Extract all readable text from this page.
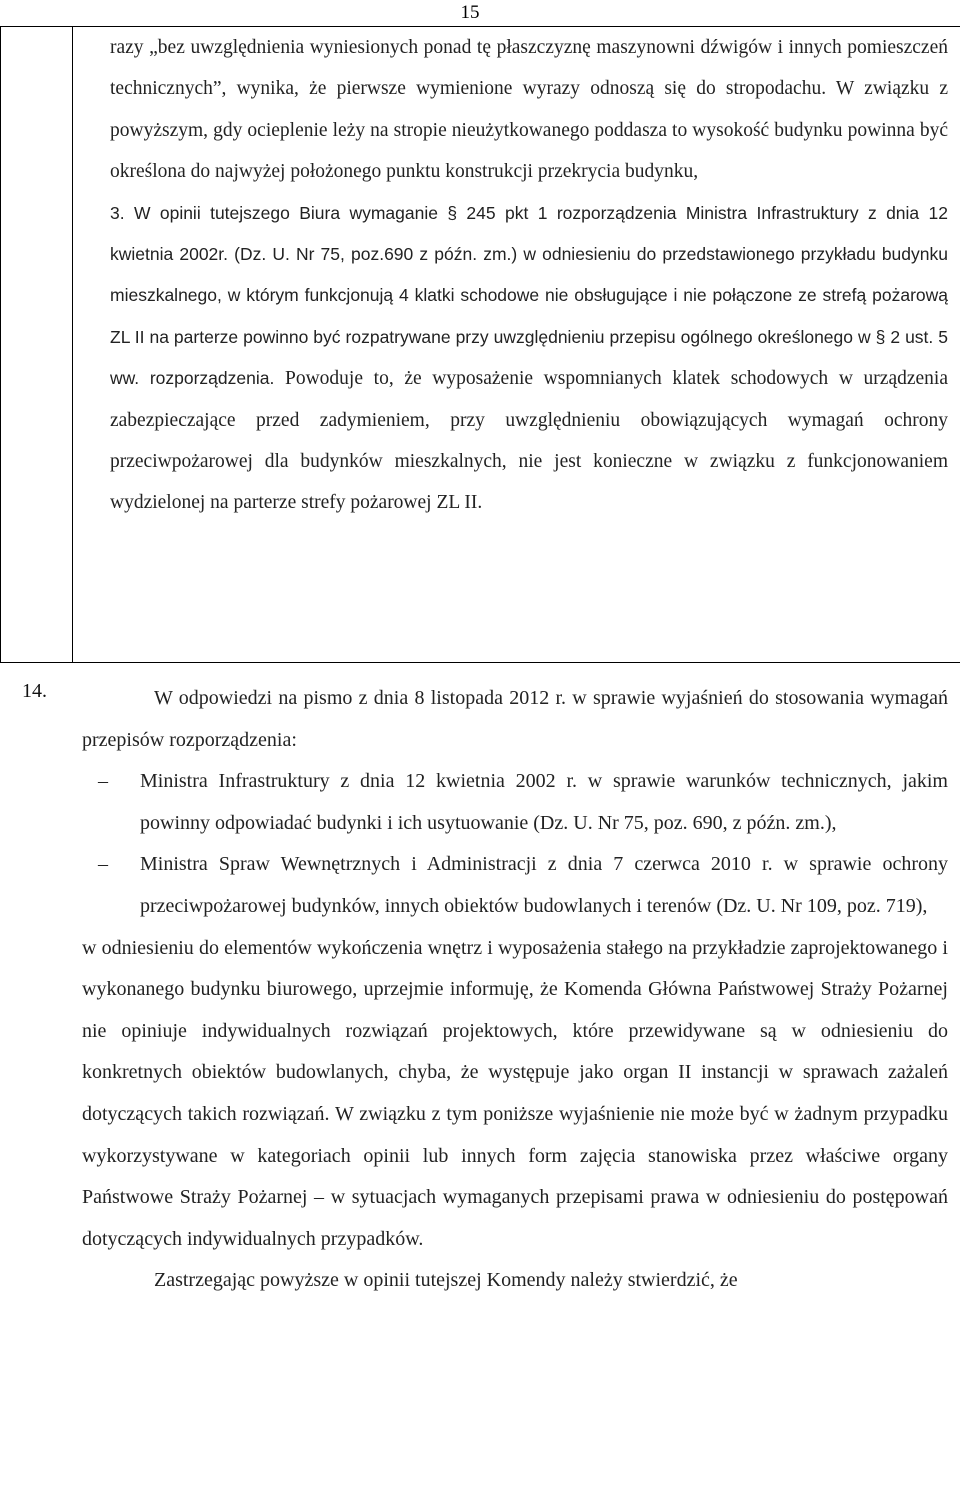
15

razy „bez uwzględnienia wyniesionych ponad tę płaszczyznę maszynowni dźwigów i innych pomieszczeń technicznych”, wynika, że pierwsze wymienione wyrazy odnoszą się do stropodachu. W związku z powyższym, gdy ocieplenie leży na stropie nieużytkowanego poddasza to wysokość budynku powinna być określona do najwyżej położonego punktu konstrukcji przekrycia budynku,

3. W opinii tutejszego Biura wymaganie § 245 pkt 1 rozporządzenia Ministra Infrastruktury z dnia 12 kwietnia 2002r. (Dz. U. Nr 75, poz.690 z późn. zm.) w odniesieniu do przedstawionego przykładu budynku mieszkalnego, w którym funkcjonują 4 klatki schodowe nie obsługujące i nie połączone ze strefą pożarową ZL II na parterze powinno być rozpatrywane przy uwzględnieniu przepisu ogólnego określonego w § 2 ust. 5 ww. rozporządzenia. Powoduje to, że wyposażenie wspomnianych klatek schodowych w urządzenia zabezpieczające przed zadymieniem, przy uwzględnieniu obowiązujących wymagań ochrony przeciwpożarowej dla budynków mieszkalnych, nie jest konieczne w związku z funkcjonowaniem wydzielonej na parterze strefy pożarowej ZL II.

14.	W odpowiedzi na pismo z dnia 8 listopada 2012 r. w sprawie wyjaśnień do stosowania wymagań przepisów rozporządzenia:

– Ministra Infrastruktury z dnia 12 kwietnia 2002 r. w sprawie warunków technicznych, jakim powinny odpowiadać budynki i ich usytuowanie (Dz. U. Nr 75, poz. 690, z późn. zm.),
– Ministra Spraw Wewnętrznych i Administracji z dnia 7 czerwca 2010 r. w sprawie ochrony przeciwpożarowej budynków, innych obiektów budowlanych i terenów (Dz. U. Nr 109, poz. 719),

w odniesieniu do elementów wykończenia wnętrz i wyposażenia stałego na przykładzie zaprojektowanego i wykonanego budynku biurowego, uprzejmie informuję, że Komenda Główna Państwowej Straży Pożarnej nie opiniuje indywidualnych rozwiązań projektowych, które przewidywane są w odniesieniu do konkretnych obiektów budowlanych, chyba, że występuje jako organ II instancji w sprawach zażaleń dotyczących takich rozwiązań. W związku z tym poniższe wyjaśnienie nie może być w żadnym przypadku wykorzystywane w kategoriach opinii lub innych form zajęcia stanowiska przez właściwe organy Państwowe Straży Pożarnej – w sytuacjach wymaganych przepisami prawa w odniesieniu do postępowań dotyczących indywidualnych przypadków.

Zastrzegając powyższe w opinii tutejszej Komendy należy stwierdzić, że
